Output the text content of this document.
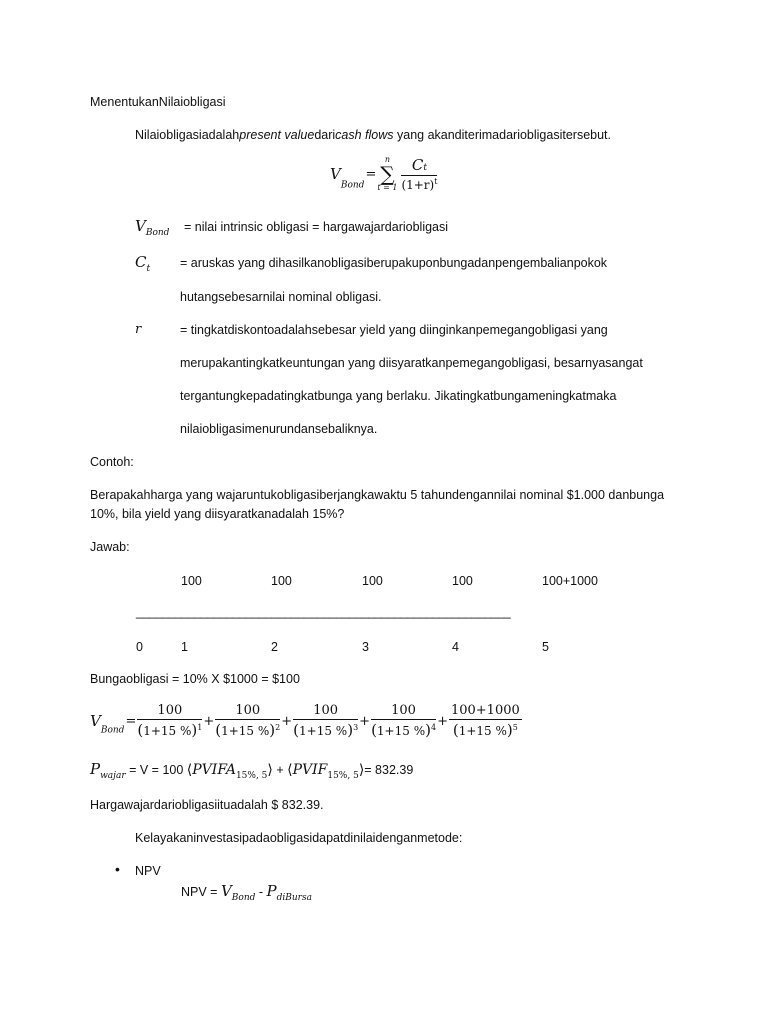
MenentukanNilaiobligasi
Nilaiobligasiadalahpresent valuedaricash flows yang akanditerimadariobligasitersebut.
$V_{Bond}=$
n
∑
$t = 1 \frac{Ct}{(1+r)^t}$
$V_{Bond}$ = nilai intrinsic obligasi = hargawajardariobligasi
$C_t$ = aruskas yang dihasilkanobligasiberupakuponbungadanpengembalianpokok
hutangsebesarnilai nominal obligasi.
r	= tingkatdiskontoadalahsebesar yield yang diinginkanpemegangobligasi yang
merupakantingkatkeuntungan yang diisyaratkanpemegangobligasi, besarnyasangat
tergantungkepadatingkatbunga yang berlaku. Jikatingkatbungameningkatmaka
nilaiobligasimenurundansebaliknya.
Contoh:
Berapakahharga yang wajaruntukobligasiberjangkawaktu 5 tahundengannilai nominal $1.000 danbunga
10%, bila yield yang diisyaratkanadalah 15%?
Jawab:
100	100	100	100	100+1000
__________________________________________________________
0	1	2	3	4	5
Bungaobligasi = 10% X $1000 = $100
$V_{Bond}= \frac{100}{(1+15 \%)^1} + \frac{100}{(1+15 \%)^2} + \frac{100}{(1+15 \%)^3} + \frac{100}{(1+15 \%)^4} + \frac{100+1000}{(1+15 \%)^5}$
$P_{wajar} = V = 100$ $⟨PVIFA_{15\%, 5}⟩$ + $⟨PVIF_{15\%, 5}⟩= 832.39$
Hargawajardariobligasiituadalah $ 832.39.
Kelayakaninvestasipadaobligasidapatdinilaidenganmetode:
• NPV
NPV = $V_{Bond} - P_{diBursa}$
